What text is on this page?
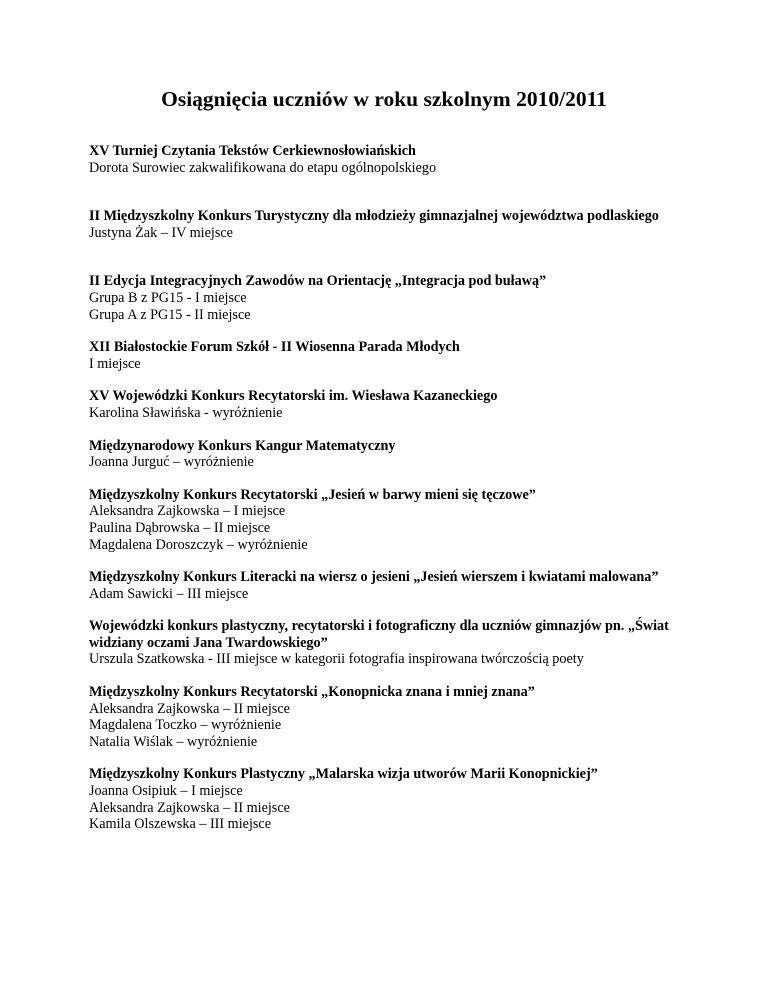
Osiągnięcia uczniów w roku szkolnym 2010/2011

XV Turniej Czytania Tekstów Cerkiewnosłowiańskich

Dorota Surowiec zakwalifikowana do etapu ogólnopolskiego

II Międzyszkolny Konkurs Turystyczny dla młodzieży gimnazjalnej województwa podlaskiego

Justyna Żak – IV miejsce

II Edycja Integracyjnych Zawodów na Orientację „Integracja pod buławą”

Grupa B z PG15 - I miejsce

Grupa A z PG15 - II miejsce

XII Białostockie Forum Szkół - II Wiosenna Parada Młodych

I miejsce

XV Wojewódzki Konkurs Recytatorski im. Wiesława Kazaneckiego

Karolina Sławińska - wyróżnienie

Międzynarodowy Konkurs Kangur Matematyczny

Joanna Jurguć – wyróżnienie

Międzyszkolny Konkurs Recytatorski „Jesień w barwy mieni się tęczowe”

Aleksandra Zajkowska – I miejsce

Paulina Dąbrowska – II miejsce

Magdalena Doroszczyk – wyróżnienie

Międzyszkolny Konkurs Literacki na wiersz o jesieni „Jesień wierszem i kwiatami malowana”

Adam Sawicki – III miejsce

Wojewódzki konkurs plastyczny, recytatorski i fotograficzny dla uczniów gimnazjów pn. „Świat widziany oczami Jana Twardowskiego”

Urszula Szatkowska - III miejsce w kategorii fotografia inspirowana twórczością poety

Międzyszkolny Konkurs Recytatorski „Konopnicka znana i mniej znana”

Aleksandra Zajkowska – II miejsce

Magdalena Toczko – wyróżnienie

Natalia Wiślak – wyróżnienie

Międzyszkolny Konkurs Plastyczny „Malarska wizja utworów Marii Konopnickiej”

Joanna Osipiuk – I miejsce

Aleksandra Zajkowska – II miejsce

Kamila Olszewska – III miejsce
